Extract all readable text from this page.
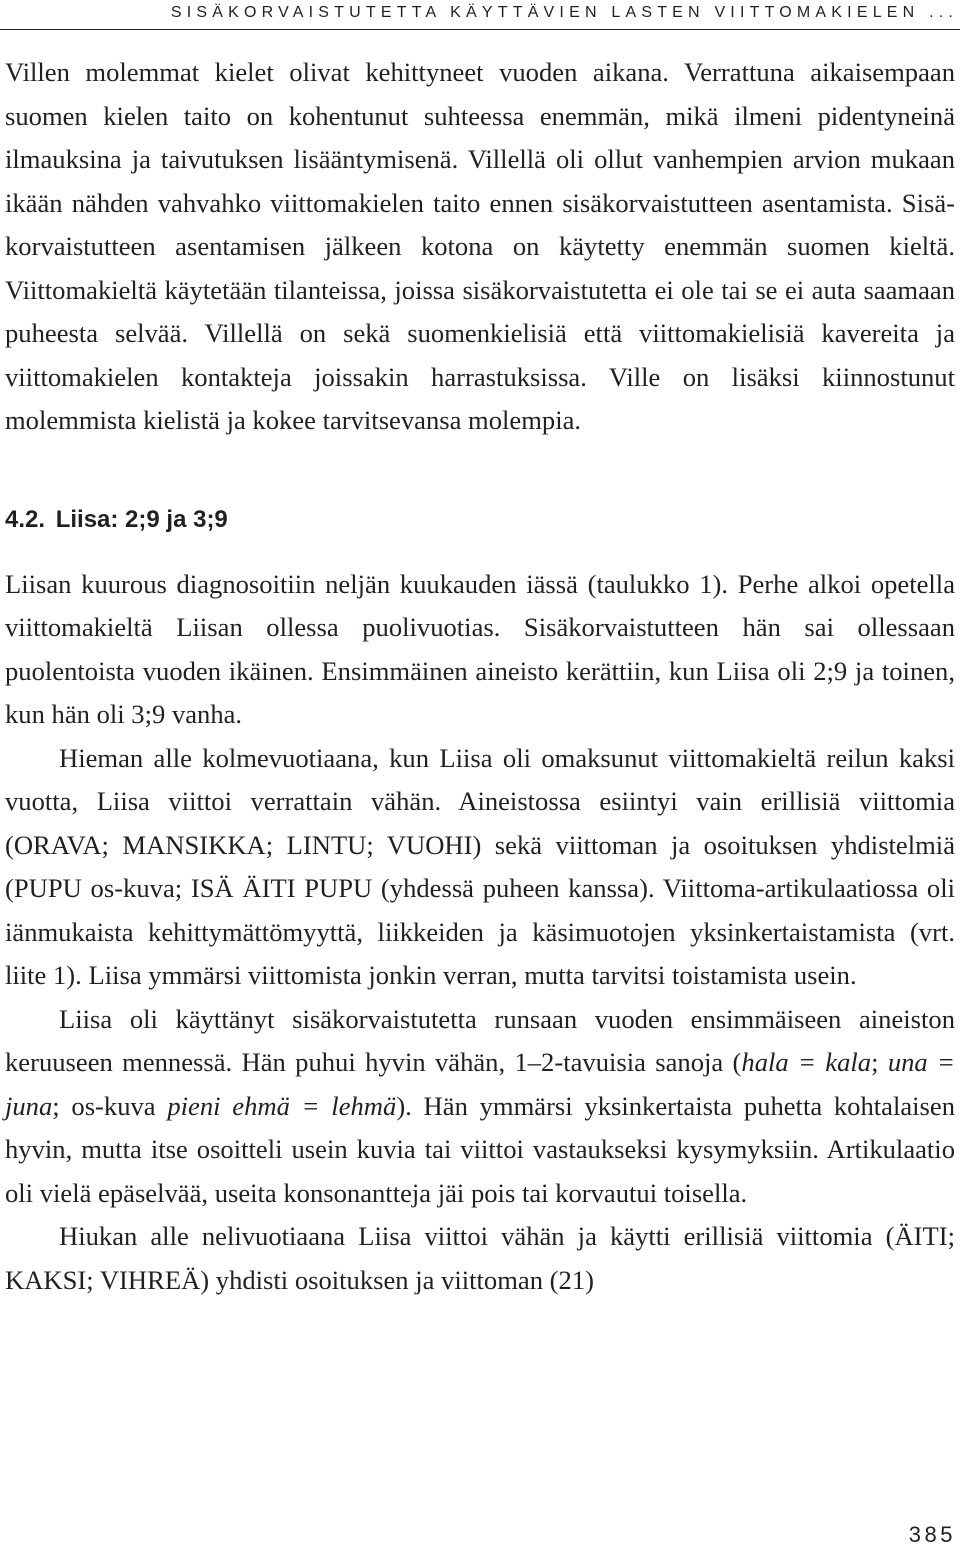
SISÄKORVAISTUTETTA KÄYTTÄVIEN LASTEN VIITTOMAKIELEN ...

Villen molemmat kielet olivat kehittyneet vuoden aikana. Verrattuna aikaisempaan suomen kielen taito on kohentunut suhteessa enemmän, mikä ilmeni pidentyneinä ilmauksina ja taivutuksen lisääntymisenä. Villellä oli ollut vanhempien arvion mukaan ikään nähden vahvahko viittomakielen taito ennen sisäkorvaistutteen asentamista. Sisäkorvaistutteen asentamisen jälkeen kotona on käytetty enemmän suomen kieltä. Viittomakieltä käytetään tilanteissa, joissa sisäkorvaistutetta ei ole tai se ei auta saamaan puheesta selvää. Villellä on sekä suomenkielisiä että viittomakielisiä kavereita ja viittomakielen kontakteja joissakin harrastuksissa. Ville on lisäksi kiinnostunut molemmista kielistä ja kokee tarvitsevansa molempia.

4.2. Liisa: 2;9 ja 3;9

Liisan kuurous diagnosoitiin neljän kuukauden iässä (taulukko 1). Perhe alkoi opetella viittomakieltä Liisan ollessa puolivuotias. Sisäkorvaistutteen hän sai ollessaan puolentoista vuoden ikäinen. Ensimmäinen aineisto kerättiin, kun Liisa oli 2;9 ja toinen, kun hän oli 3;9 vanha.

Hieman alle kolmevuotiaana, kun Liisa oli omaksunut viittomakieltä reilun kaksi vuotta, Liisa viittoi verrattain vähän. Aineistossa esiintyi vain erillisiä viittomia (ORAVA; MANSIKKA; LINTU; VUOHI) sekä viittoman ja osoituksen yhdistelmiä (PUPU os-kuva; ISÄ ÄITI PUPU (yhdessä puheen kanssa). Viittoma-artikulaatiossa oli iänmukaista kehittymättömyyttä, liikkeiden ja käsimuotojen yksinkertaistamista (vrt. liite 1). Liisa ymmärsi viittomista jonkin verran, mutta tarvitsi toistamista usein.

Liisa oli käyttänyt sisäkorvaistutetta runsaan vuoden ensimmäiseen aineiston keruuseen mennessä. Hän puhui hyvin vähän, 1–2-tavuisia sanoja (hala = kala; una = juna; os-kuva pieni ehmä = lehmä). Hän ymmärsi yksinkertaista puhetta kohtalaisen hyvin, mutta itse osoitteli usein kuvia tai viittoi vastaukseksi kysymyksiin. Artikulaatio oli vielä epäselvää, useita konsonantteja jäi pois tai korvautui toisella.

Hiukan alle nelivuotiaana Liisa viittoi vähän ja käytti erillisiä viittomia (ÄITI; KAKSI; VIHREÄ) yhdisti osoituksen ja viittoman (21)

385
